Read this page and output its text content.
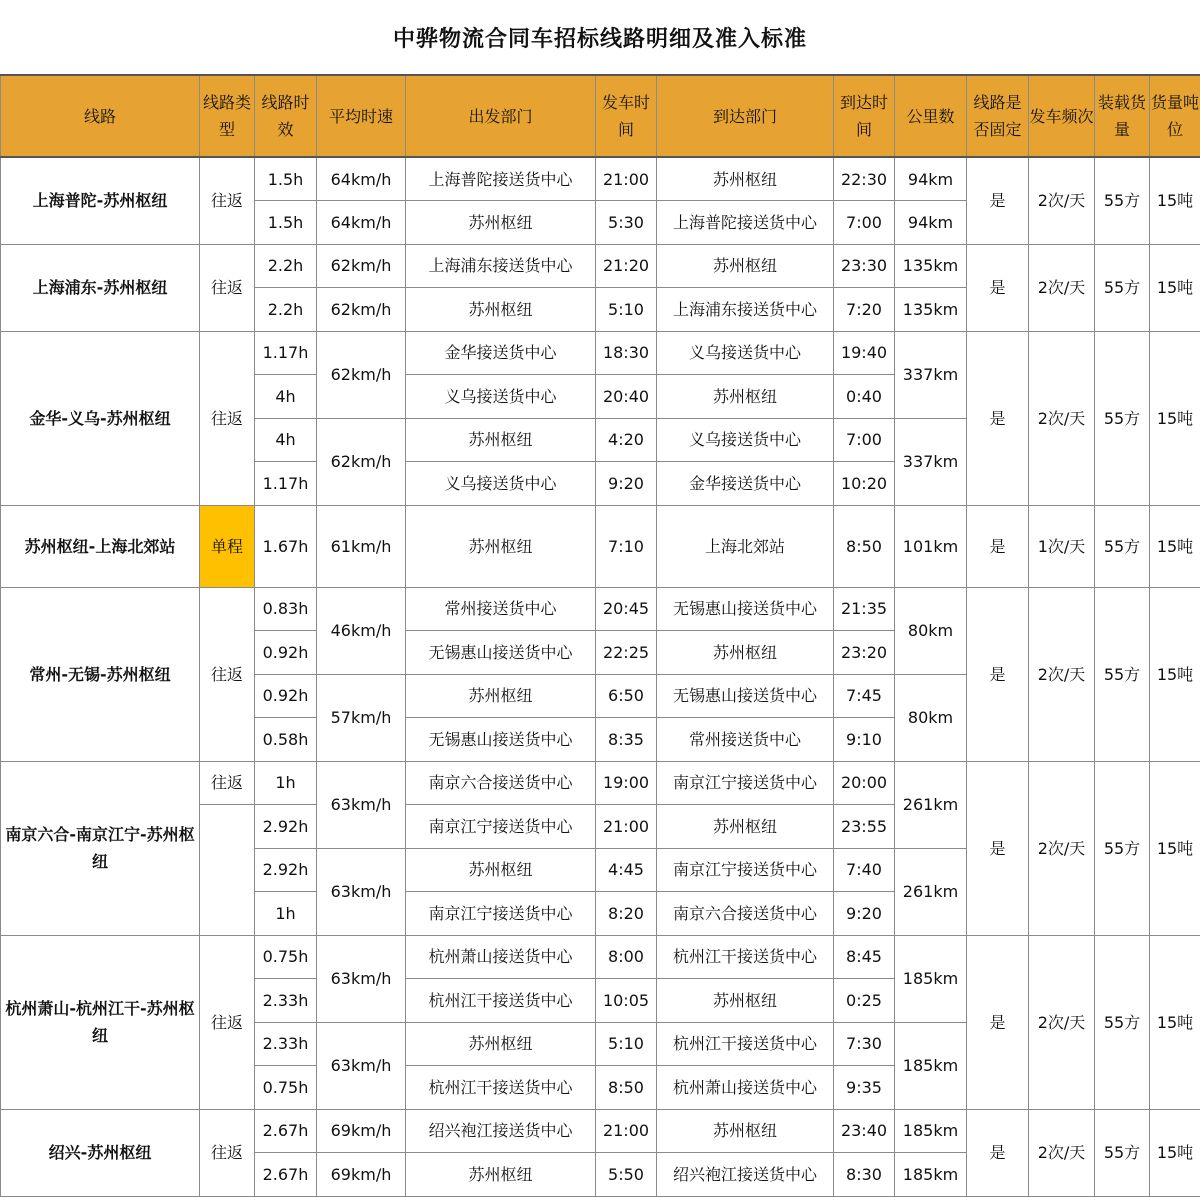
中骅物流合同车招标线路明细及准入标准
线路	线路类型	线路时效	平均时速	出发部门	发车时间	到达部门	到达时间	公里数	线路是否固定	发车频次	装载货量	货量吨位
上海普陀-苏州枢纽	往返	1.5h	64km/h	上海普陀接送货中心	21:00	苏州枢纽	22:30	94km	是	2次/天	55方	15吨
		1.5h	64km/h	苏州枢纽	5:30	上海普陀接送货中心	7:00	94km				
上海浦东-苏州枢纽	往返	2.2h	62km/h	上海浦东接送货中心	21:20	苏州枢纽	23:30	135km	是	2次/天	55方	15吨
		2.2h	62km/h	苏州枢纽	5:10	上海浦东接送货中心	7:20	135km				
金华-义乌-苏州枢纽	往返	1.17h	62km/h	金华接送货中心	18:30	义乌接送货中心	19:40	337km	是	2次/天	55方	15吨
		4h		义乌接送货中心	20:40	苏州枢纽	0:40					
		4h	62km/h	苏州枢纽	4:20	义乌接送货中心	7:00	337km				
		1.17h		义乌接送货中心	9:20	金华接送货中心	10:20					
苏州枢纽-上海北郊站	单程	1.67h	61km/h	苏州枢纽	7:10	上海北郊站	8:50	101km	是	1次/天	55方	15吨
常州-无锡-苏州枢纽	往返	0.83h	46km/h	常州接送货中心	20:45	无锡惠山接送货中心	21:35	80km	是	2次/天	55方	15吨
		0.92h		无锡惠山接送货中心	22:25	苏州枢纽	23:20					
		0.92h	57km/h	苏州枢纽	6:50	无锡惠山接送货中心	7:45	80km				
		0.58h		无锡惠山接送货中心	8:35	常州接送货中心	9:10					
南京六合-南京江宁-苏州枢纽	往返	1h	63km/h	南京六合接送货中心	19:00	南京江宁接送货中心	20:00	261km	是	2次/天	55方	15吨
		2.92h		南京江宁接送货中心	21:00	苏州枢纽	23:55					
		2.92h	63km/h	苏州枢纽	4:45	南京江宁接送货中心	7:40	261km				
		1h		南京江宁接送货中心	8:20	南京六合接送货中心	9:20					
杭州萧山-杭州江干-苏州枢纽	往返	0.75h	63km/h	杭州萧山接送货中心	8:00	杭州江干接送货中心	8:45	185km	是	2次/天	55方	15吨
		2.33h		杭州江干接送货中心	10:05	苏州枢纽	0:25					
		2.33h	63km/h	苏州枢纽	5:10	杭州江干接送货中心	7:30	185km				
		0.75h		杭州江干接送货中心	8:50	杭州萧山接送货中心	9:35					
绍兴-苏州枢纽	往返	2.67h	69km/h	绍兴袍江接送货中心	21:00	苏州枢纽	23:40	185km	是	2次/天	55方	15吨
		2.67h	69km/h	苏州枢纽	5:50	绍兴袍江接送货中心	8:30	185km				
